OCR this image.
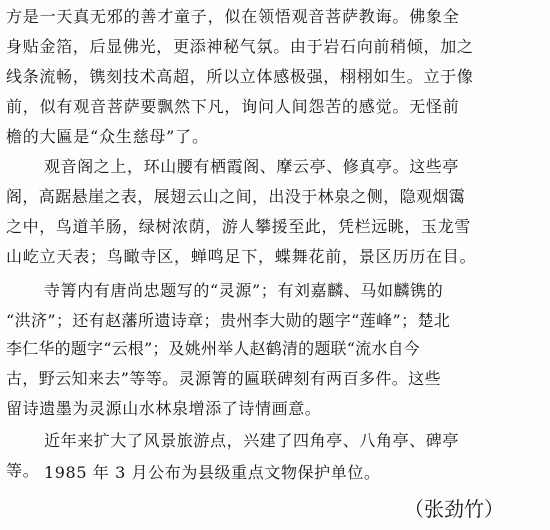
方是一天真无邪的善才童子，似在领悟观音菩萨教诲。佛象全
身贴金箔，后显佛光，更添神秘气氛。由于岩石向前稍倾，加之
线条流畅，镌刻技术高超，所以立体感极强，栩栩如生。立于像
前，似有观音菩萨要飘然下凡，询问人间怨苦的感觉。无怪前
檐的大匾是“众生慈母”了。
观音阁之上，环山腰有栖霞阁、摩云亭、修真亭。这些亭
阁，高踞悬崖之表，展翅云山之间，出没于林泉之侧，隐观烟霭
之中，鸟道羊肠，绿树浓荫，游人攀援至此，凭栏远眺，玉龙雪
山屹立天表；鸟瞰寺区，蝉鸣足下，蝶舞花前，景区历历在目。
寺箐内有唐尚忠题写的“灵源”；有刘嘉麟、马如麟镌的
“洪济”；还有赵藩所遗诗章；贵州李大勋的题字“莲峰”；楚北
李仁华的题字“云根”；及姚州举人赵鹤清的题联“流水自今
古，野云知来去”等等。灵源箐的匾联碑刻有两百多件。这些
留诗遗墨为灵源山水林泉增添了诗情画意。
近年来扩大了风景旅游点，兴建了四角亭、八角亭、碑亭
等。 1985 年 3 月公布为县级重点文物保护单位。
（张劲竹）
